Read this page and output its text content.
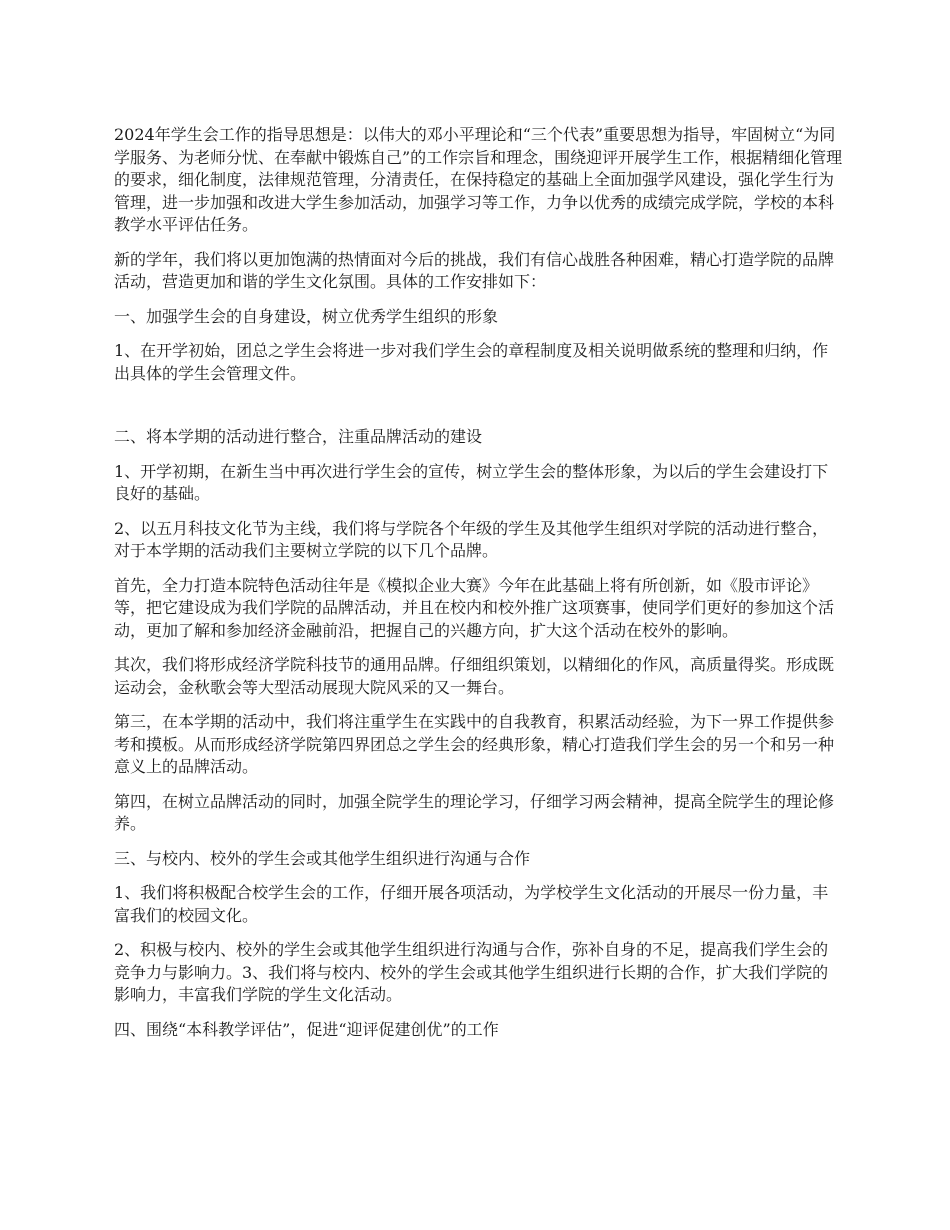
2024年学生会工作的指导思想是：以伟大的邓小平理论和“三个代表”重要思想为指导，牢固树立“为同学服务、为老师分忧、在奉献中锻炼自己”的工作宗旨和理念，围绕迎评开展学生工作，根据精细化管理的要求，细化制度，法律规范管理，分清责任，在保持稳定的基础上全面加强学风建设，强化学生行为管理，进一步加强和改进大学生参加活动，加强学习等工作，力争以优秀的成绩完成学院，学校的本科教学水平评估任务。

新的学年，我们将以更加饱满的热情面对今后的挑战，我们有信心战胜各种困难，精心打造学院的品牌活动，营造更加和谐的学生文化氛围。具体的工作安排如下：

一、加强学生会的自身建设，树立优秀学生组织的形象

1、在开学初始，团总之学生会将进一步对我们学生会的章程制度及相关说明做系统的整理和归纳，作出具体的学生会管理文件。

二、将本学期的活动进行整合，注重品牌活动的建设

1、开学初期，在新生当中再次进行学生会的宣传，树立学生会的整体形象，为以后的学生会建设打下良好的基础。

2、以五月科技文化节为主线，我们将与学院各个年级的学生及其他学生组织对学院的活动进行整合，对于本学期的活动我们主要树立学院的以下几个品牌。

首先，全力打造本院特色活动往年是《模拟企业大赛》今年在此基础上将有所创新，如《股市评论》等，把它建设成为我们学院的品牌活动，并且在校内和校外推广这项赛事，使同学们更好的参加这个活动，更加了解和参加经济金融前沿，把握自己的兴趣方向，扩大这个活动在校外的影响。

其次，我们将形成经济学院科技节的通用品牌。仔细组织策划，以精细化的作风，高质量得奖。形成既运动会，金秋歌会等大型活动展现大院风采的又一舞台。

第三，在本学期的活动中，我们将注重学生在实践中的自我教育，积累活动经验，为下一界工作提供参考和摸板。从而形成经济学院第四界团总之学生会的经典形象，精心打造我们学生会的另一个和另一种意义上的品牌活动。

第四，在树立品牌活动的同时，加强全院学生的理论学习，仔细学习两会精神，提高全院学生的理论修养。

三、与校内、校外的学生会或其他学生组织进行沟通与合作

1、我们将积极配合校学生会的工作，仔细开展各项活动，为学校学生文化活动的开展尽一份力量，丰富我们的校园文化。

2、积极与校内、校外的学生会或其他学生组织进行沟通与合作，弥补自身的不足，提高我们学生会的竞争力与影响力。3、我们将与校内、校外的学生会或其他学生组织进行长期的合作，扩大我们学院的影响力，丰富我们学院的学生文化活动。

四、围绕“本科教学评估”，促进“迎评促建创优”的工作
